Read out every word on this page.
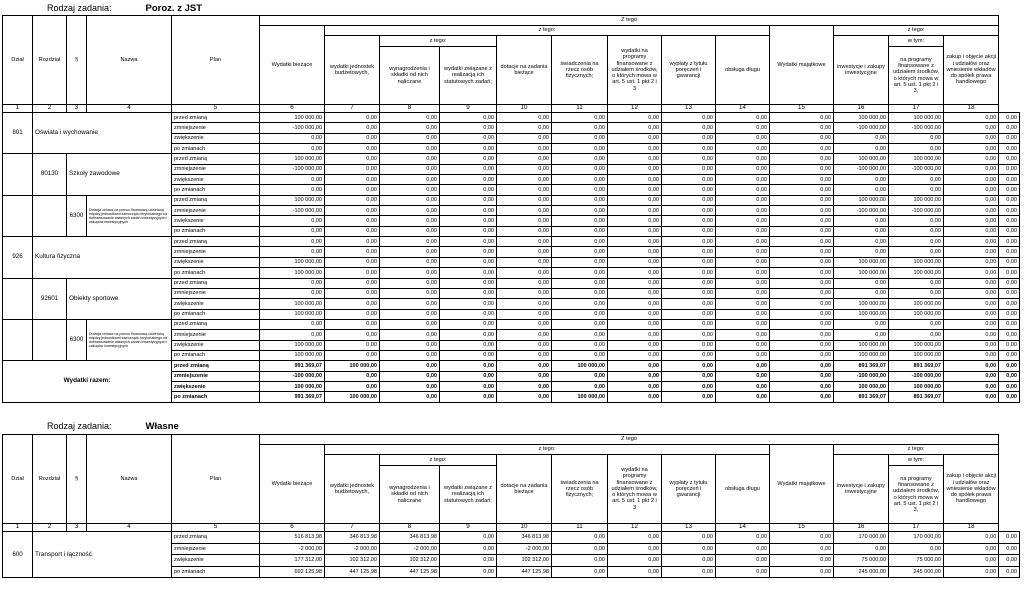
Rodzaj zadania:	Poroz. z JST
Dział	Rozdział	§	Nazwa	Plan	Z tego													
					Wydatki bieżące	z tego:								Wydatki majątkowe	z tego:			
						wydatki jednostek budżetowych,	z tego:		dotacje na zadania bieżące	świadczenia na rzecz osób fizycznych;	wydatki na programy finansowane z udziałem środków, o których mowa w art. 5 ust. 1 pkt 2 i 3	wypłaty z tytułu poręczeń i gwarancji	obsługa długu		inwestycje i zakupy inwestycyjne	w tym:	zakup i objęcie akcji i udziałów oraz wniesienie wkładów do spółek prawa handlowego	
							wynagrodzenia i składki od nich naliczane	wydatki związane z realizacją ich statutowych zadań;								na programy finansowane z udziałem środków, o których mowa w art. 5 ust. 1 pkt 2 i 3,		

1	2	3	4	5	6	7	8	9	10	11	12	13	14	15	16	17	18	
801	Oświata i wychowanie			przed zmianą	100 000,00	0,00	0,00	0,00	0,00	0,00	0,00	0,00	0,00	0,00	100 000,00	100 000,00	0,00	0,00
				zmniejszenie	-100 000,00	0,00	0,00	0,00	0,00	0,00	0,00	0,00	0,00	0,00	-100 000,00	-100 000,00	0,00	0,00
				zwiększenie	0,00	0,00	0,00	0,00	0,00	0,00	0,00	0,00	0,00	0,00	0,00	0,00	0,00	0,00
				po zmianach	0,00	0,00	0,00	0,00	0,00	0,00	0,00	0,00	0,00	0,00	0,00	0,00	0,00	0,00
	80130	Szkoły zawodowe		przed zmianą	100 000,00	0,00	0,00	0,00	0,00	0,00	0,00	0,00	0,00	0,00	100 000,00	100 000,00	0,00	0,00
				zmniejszenie	-100 000,00	0,00	0,00	0,00	0,00	0,00	0,00	0,00	0,00	0,00	-100 000,00	-100 000,00	0,00	0,00
				zwiększenie	0,00	0,00	0,00	0,00	0,00	0,00	0,00	0,00	0,00	0,00	0,00	0,00	0,00	0,00
				po zmianach	0,00	0,00	0,00	0,00	0,00	0,00	0,00	0,00	0,00	0,00	0,00	0,00	0,00	0,00
		6300	Dotacja celowa na pomoc finansową udzielaną między jednostkami samorządu terytorialnego na dofinansowanie własnych zadań inwestycyjnych i zakupów inwestycyjnych	przed zmianą	100 000,00	0,00	0,00	0,00	0,00	0,00	0,00	0,00	0,00	0,00	100 000,00	100 000,00	0,00	0,00
				zmniejszenie	-100 000,00	0,00	0,00	0,00	0,00	0,00	0,00	0,00	0,00	0,00	-100 000,00	-100 000,00	0,00	0,00
				zwiększenie	0,00	0,00	0,00	0,00	0,00	0,00	0,00	0,00	0,00	0,00	0,00	0,00	0,00	0,00
				po zmianach	0,00	0,00	0,00	0,00	0,00	0,00	0,00	0,00	0,00	0,00	0,00	0,00	0,00	0,00
926	Kultura fizyczna			przed zmianą	0,00	0,00	0,00	0,00	0,00	0,00	0,00	0,00	0,00	0,00	0,00	0,00	0,00	0,00
				zmniejszenie	0,00	0,00	0,00	0,00	0,00	0,00	0,00	0,00	0,00	0,00	0,00	0,00	0,00	0,00
				zwiększenie	100 000,00	0,00	0,00	0,00	0,00	0,00	0,00	0,00	0,00	0,00	100 000,00	100 000,00	0,00	0,00
				po zmianach	100 000,00	0,00	0,00	0,00	0,00	0,00	0,00	0,00	0,00	0,00	100 000,00	100 000,00	0,00	0,00
	92601	Obiekty sportowe		przed zmianą	0,00	0,00	0,00	0,00	0,00	0,00	0,00	0,00	0,00	0,00	0,00	0,00	0,00	0,00
				zmniejszenie	0,00	0,00	0,00	0,00	0,00	0,00	0,00	0,00	0,00	0,00	0,00	0,00	0,00	0,00
				zwiększenie	100 000,00	0,00	0,00	0,00	0,00	0,00	0,00	0,00	0,00	0,00	100 000,00	100 000,00	0,00	0,00
				po zmianach	100 000,00	0,00	0,00	0,00	0,00	0,00	0,00	0,00	0,00	0,00	100 000,00	100 000,00	0,00	0,00
		6300	Dotacja celowa na pomoc finansową udzielaną między jednostkami samorządu terytorialnego na dofinansowanie własnych zadań inwestycyjnych i zakupów inwestycyjnych	przed zmianą	0,00	0,00	0,00	0,00	0,00	0,00	0,00	0,00	0,00	0,00	0,00	0,00	0,00	0,00
				zmniejszenie	0,00	0,00	0,00	0,00	0,00	0,00	0,00	0,00	0,00	0,00	0,00	0,00	0,00	0,00
				zwiększenie	100 000,00	0,00	0,00	0,00	0,00	0,00	0,00	0,00	0,00	0,00	100 000,00	100 000,00	0,00	0,00
				po zmianach	100 000,00	0,00	0,00	0,00	0,00	0,00	0,00	0,00	0,00	0,00	100 000,00	100 000,00	0,00	0,00
Wydatki razem:				przed zmianą	991 369,07	100 000,00	0,00	0,00	0,00	100 000,00	0,00	0,00	0,00	0,00	891 369,07	891 369,07	0,00	0,00
				zmniejszenie	-100 000,00	0,00	0,00	0,00	0,00	0,00	0,00	0,00	0,00	0,00	-100 000,00	-100 000,00	0,00	0,00
				zwiększenie	100 000,00	0,00	0,00	0,00	0,00	0,00	0,00	0,00	0,00	0,00	100 000,00	100 000,00	0,00	0,00
				po zmianach	991 369,07	100 000,00	0,00	0,00	0,00	100 000,00	0,00	0,00	0,00	0,00	891 369,07	891 369,07	0,00	0,00
Rodzaj zadania:	Własne
Dział	Rozdział	§	Nazwa	Plan	Z tego													
					Wydatki bieżące	z tego:								Wydatki majątkowe	z tego:			
						wydatki jednostek budżetowych,	z tego:		dotacje na zadania bieżące	świadczenia na rzecz osób fizycznych;	wydatki na programy finansowane z udziałem środków, o których mowa w art. 5 ust. 1 pkt 2 i 3	wypłaty z tytułu poręczeń i gwarancji	obsługa długu		inwestycje i zakupy inwestycyjne	w tym:	zakup i objęcie akcji i udziałów oraz wniesienie wkładów do spółek prawa handlowego	
							wynagrodzenia i składki od nich naliczane	wydatki związane z realizacją ich statutowych zadań;								na programy finansowane z udziałem środków, o których mowa w art. 5 ust. 1 pkt 2 i 3,		

1	2	3	4	5	6	7	8	9	10	11	12	13	14	15	16	17	18	
600	Transport i łączność			przed zmianą	516 813,98	346 813,98	346 813,98	0,00	346 813,98	0,00	0,00	0,00	0,00	0,00	170 000,00	170 000,00	0,00	0,00
				zmniejszenie	-2 000,00	-2 000,00	-2 000,00	0,00	-2 000,00	0,00	0,00	0,00	0,00	0,00	0,00	0,00	0,00	0,00
				zwiększenie	177 312,00	102 312,00	102 312,00	0,00	102 312,00	0,00	0,00	0,00	0,00	0,00	75 000,00	75 000,00	0,00	0,00
				po zmianach	692 125,98	447 125,98	447 125,98	0,00	447 125,98	0,00	0,00	0,00	0,00	0,00	245 000,00	245 000,00	0,00	0,00
